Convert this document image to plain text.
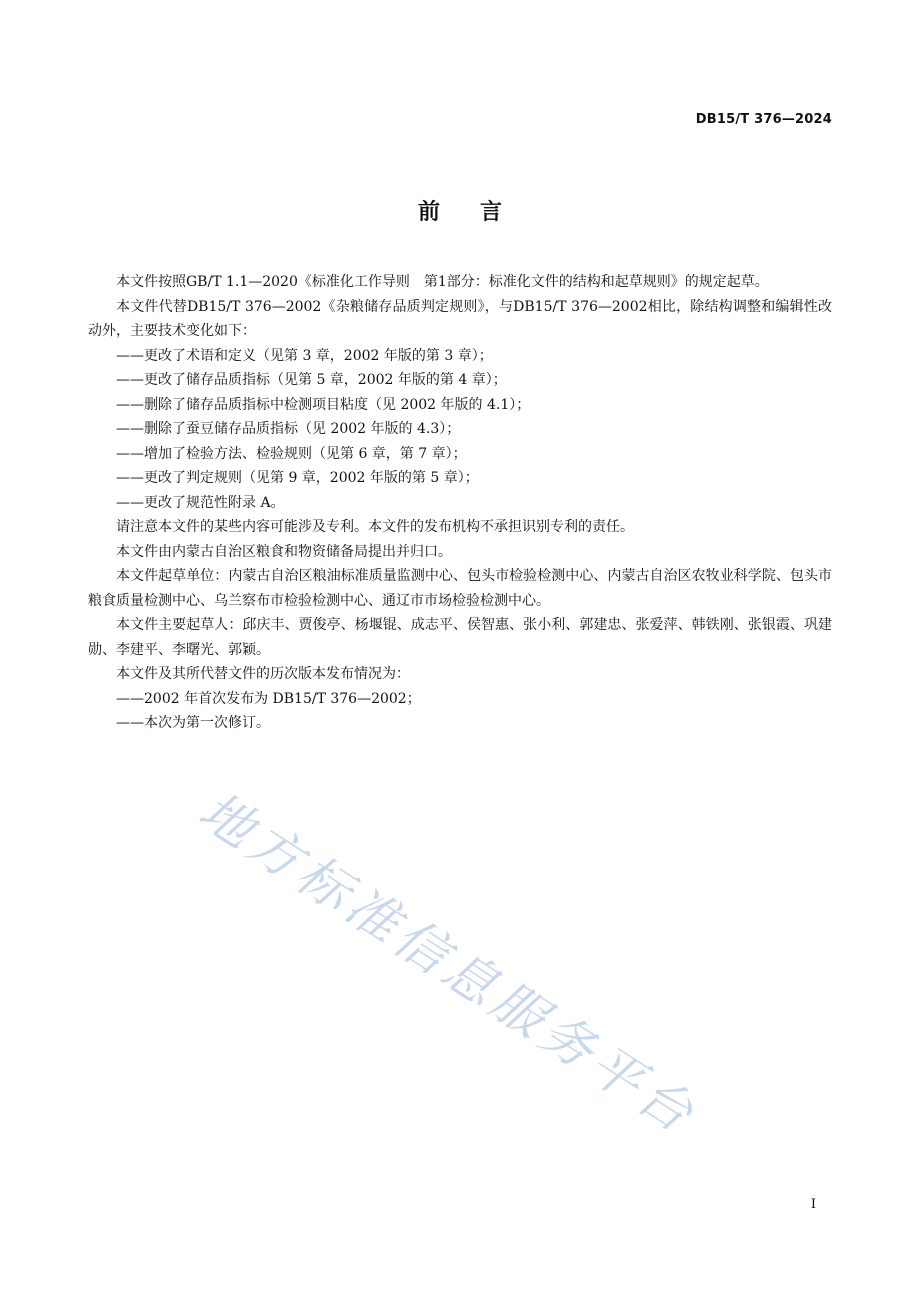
DB15/T 376—2024
前言

本文件按照GB/T 1.1—2020《标准化工作导则　第1部分：标准化文件的结构和起草规则》的规定起草。

本文件代替DB15/T 376—2002《杂粮储存品质判定规则》，与DB15/T 376—2002相比，除结构调整和编辑性改动外，主要技术变化如下：

——更改了术语和定义（见第 3 章，2002 年版的第 3 章）；

——更改了储存品质指标（见第 5 章，2002 年版的第 4 章）；

——删除了储存品质指标中检测项目粘度（见 2002 年版的 4.1）；

——删除了蚕豆储存品质指标（见 2002 年版的 4.3）；

——增加了检验方法、检验规则（见第 6 章，第 7 章）；

——更改了判定规则（见第 9 章，2002 年版的第 5 章）；

——更改了规范性附录 A。

请注意本文件的某些内容可能涉及专利。本文件的发布机构不承担识别专利的责任。

本文件由内蒙古自治区粮食和物资储备局提出并归口。

本文件起草单位：内蒙古自治区粮油标准质量监测中心、包头市检验检测中心、内蒙古自治区农牧业科学院、包头市粮食质量检测中心、乌兰察布市检验检测中心、通辽市市场检验检测中心。

本文件主要起草人：邱庆丰、贾俊亭、杨堰锟、成志平、侯智惠、张小利、郭建忠、张爱萍、韩铁刚、张银霞、巩建勋、李建平、李曙光、郭颖。

本文件及其所代替文件的历次版本发布情况为：

——2002 年首次发布为 DB15/T 376—2002；

——本次为第一次修订。

地方标准信息服务平台
I
